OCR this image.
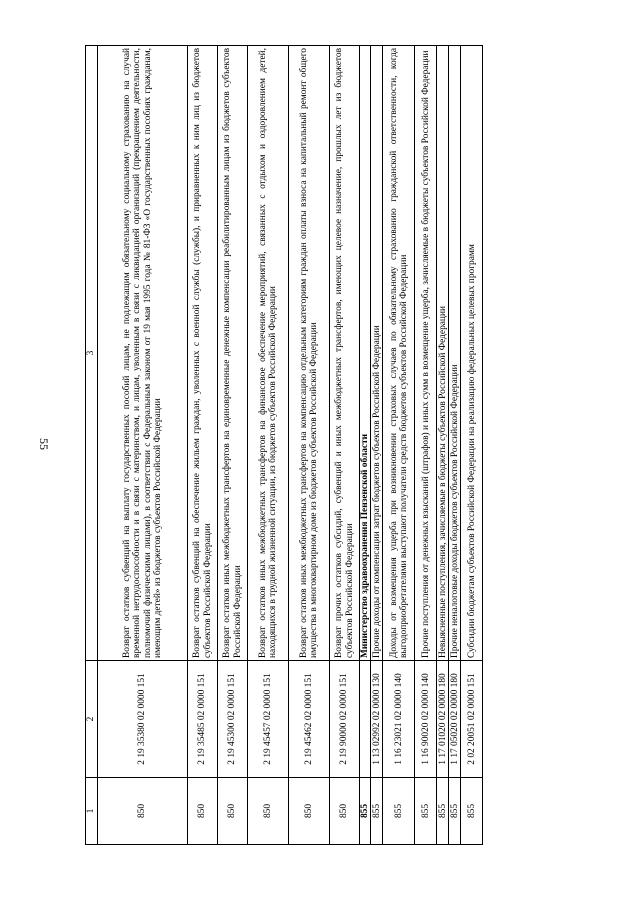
55
1	2	3
850	2 19 35380 02 0000 151	Возврат остатков субвенций на выплату государственных пособий лицам, не подлежащим обязательному социальному страхованию на случай временной нетрудоспособности и в связи с материнством, и лицам, уволенным в связи с ликвидацией организаций (прекращением деятельности, полномочий физическими лицами), в соответствии с Федеральным законом от 19 мая 1995 года № 81-ФЗ «О государственных пособиях гражданам, имеющим детей» из бюджетов субъектов Российской Федерации
850	2 19 35485 02 0000 151	Возврат остатков субвенций на обеспечение жильем граждан, уволенных с военной службы (службы), и приравненных к ним лиц из бюджетов субъектов Российской Федерации
850	2 19 45300 02 0000 151	Возврат остатков иных межбюджетных трансфертов на единовременные денежные компенсации реабилитированным лицам из бюджетов субъектов Российской Федерации
850	2 19 45457 02 0000 151	Возврат остатков иных межбюджетных трансфертов на финансовое обеспечение мероприятий, связанных с отдыхом и оздоровлением детей, находящихся в трудной жизненной ситуации, из бюджетов субъектов Российской Федерации
850	2 19 45462 02 0000 151	Возврат остатков иных межбюджетных трансфертов на компенсацию отдельным категориям граждан оплаты взноса на капитальный ремонт общего имущества в многоквартирном доме из бюджетов субъектов Российской Федерации
850	2 19 90000 02 0000 151	Возврат прочих остатков субсидий, субвенций и иных межбюджетных трансфертов, имеющих целевое назначение, прошлых лет из бюджетов субъектов Российской Федерации
855		Министерство здравоохранения Пензенской области
855	1 13 02992 02 0000 130	Прочие доходы от компенсации затрат бюджетов субъектов Российской Федерации
855	1 16 23021 02 0000 140	Доходы от возмещения ущерба при возникновении страховых случаев по обязательному страхованию гражданской ответственности, когда выгодоприобретателями выступают получатели средств бюджетов субъектов Российской Федерации
855	1 16 90020 02 0000 140	Прочие поступления от денежных взысканий (штрафов) и иных сумм в возмещение ущерба, зачисляемые в бюджеты субъектов Российской Федерации
855	1 17 01020 02 0000 180	Невыясненные поступления, зачисляемые в бюджеты субъектов Российской Федерации
855	1 17 05020 02 0000 180	Прочие неналоговые доходы бюджетов субъектов Российской Федерации
855	2 02 20051 02 0000 151	Субсидии бюджетам субъектов Российской Федерации на реализацию федеральных целевых программ
